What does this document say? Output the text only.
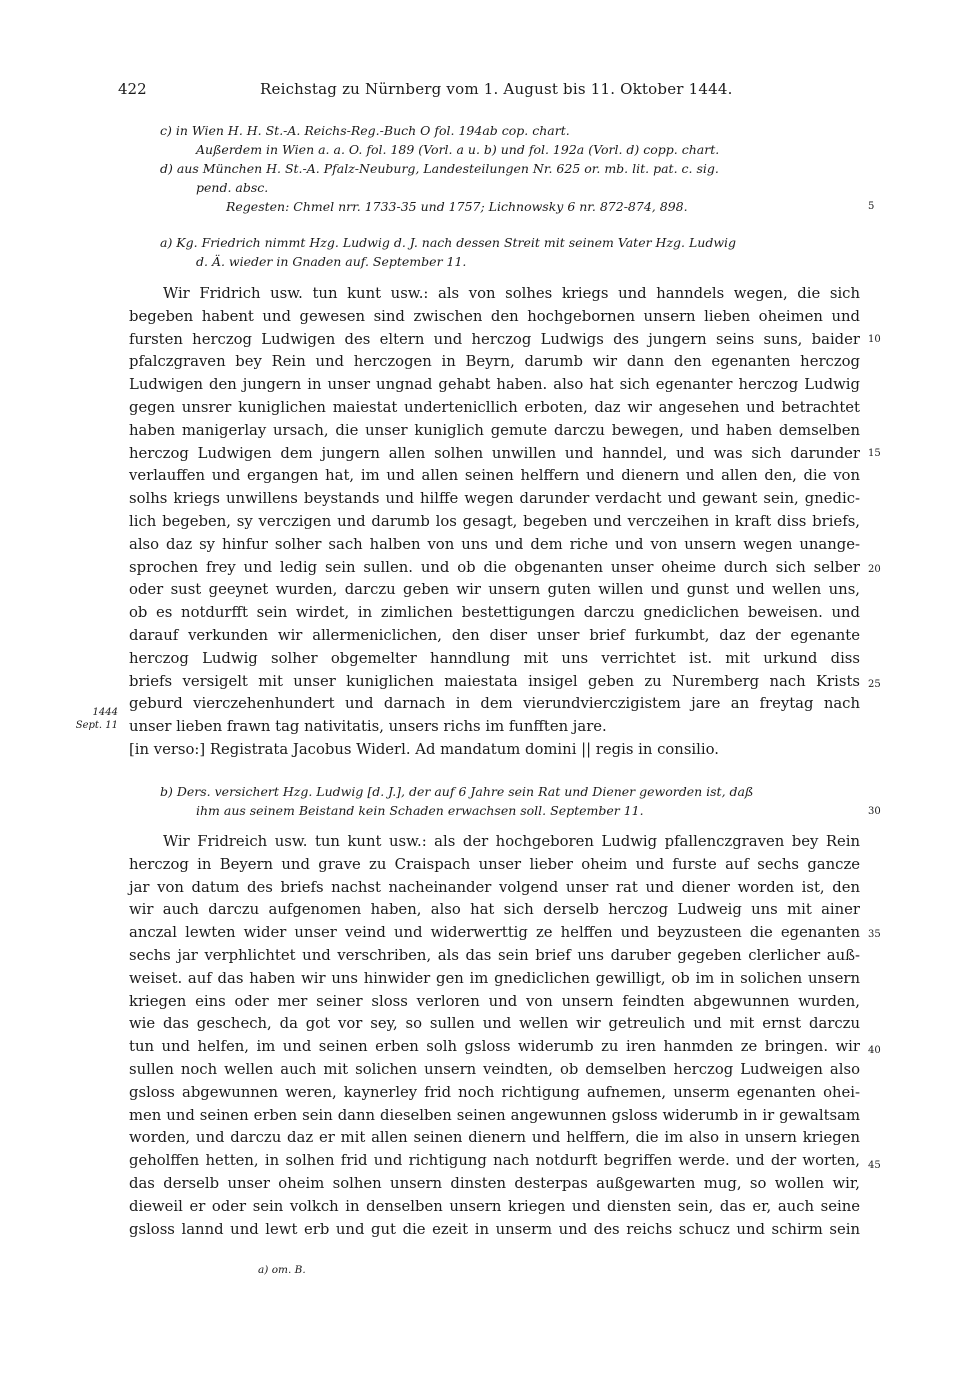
422	Reichstag zu Nürnberg vom 1. August bis 11. Oktober 1444.
c) in Wien H. H. St.-A. Reichs-Reg.-Buch O fol. 194ab cop. chart.
Außerdem in Wien a. a. O. fol. 189 (Vorl. a u. b) und fol. 192a (Vorl. d) copp. chart.
d) aus München H. St.-A. Pfalz-Neuburg, Landesteilungen Nr. 625 or. mb. lit. pat. c. sig.
pend. absc.
Regesten: Chmel nrr. 1733-35 und 1757; Lichnowsky 6 nr. 872-874, 898.
a) Kg. Friedrich nimmt Hzg. Ludwig d. J. nach dessen Streit mit seinem Vater Hzg. Ludwig
d. Ä. wieder in Gnaden auf. September 11.
Wir Fridrich usw. tun kunt usw.: als von solhes kriegs und hanndels wegen, die sich
begeben habent und gewesen sind zwischen den hochgebornen unsern lieben oheimen und
fursten herczog Ludwigen des eltern und herczog Ludwigs des jungern seins suns, baider
pfalczgraven bey Rein und herczogen in Beyrn, darumb wir dann den egenanten herczog
Ludwigen den jungern in unser ungnad gehabt haben. also hat sich egenanter herczog Ludwig
gegen unsrer kuniglichen maiestat undertenicllich erboten, daz wir angesehen und betrachtet
haben manigerlay ursach, die unser kuniglich gemute darczu bewegen, und haben demselben
herczog Ludwigen dem jungern allen solhen unwillen und hanndel, und was sich darunder
verlauffen und ergangen hat, im und allen seinen helffern und dienern und allen den, die von
solhs kriegs unwillens beystands und hilffe wegen darunder verdacht und gewant sein, gnedic-
lich begeben, sy verczigen und darumb los gesagt, begeben und verczeihen in kraft diss briefs,
also daz sy hinfur solher sach halben von uns und dem riche und von unsern wegen unange-
sprochen frey und ledig sein sullen. und ob die obgenanten unser oheime durch sich selber
oder sust geeynet wurden, darczu geben wir unsern guten willen und gunst und wellen uns,
ob es notdurfft sein wirdet, in zimlichen bestettigungen darczu gnediclichen beweisen. und
darauf verkunden wir allermeniclichen, den diser unser brief furkumbt, daz der egenante
herczog Ludwig solher obgemelter hanndlung mit uns verrichtet ist. mit urkund diss
briefs versigelt mit unser kuniglichen maiestata insigel geben zu Nuremberg nach Krists
geburd vierczehenhundert und darnach in dem vierundvierczigistem jare an freytag nach
unser lieben frawn tag nativitatis, unsers richs im funfften jare.
[in verso:] Registrata Jacobus Widerl. Ad mandatum domini || regis in consilio.
1444
Sept. 11
b) Ders. versichert Hzg. Ludwig [d. J.], der auf 6 Jahre sein Rat und Diener geworden ist, daß
ihm aus seinem Beistand kein Schaden erwachsen soll. September 11.
Wir Fridreich usw. tun kunt usw.: als der hochgeboren Ludwig pfallenczgraven bey Rein
herczog in Beyern und grave zu Craispach unser lieber oheim und furste auf sechs gancze
jar von datum des briefs nachst nacheinander volgend unser rat und diener worden ist, den
wir auch darczu aufgenomen haben, also hat sich derselb herczog Ludweig uns mit ainer
anczal lewten wider unser veind und widerwerttig ze helffen und beyzusteen die egenanten
sechs jar verphlichtet und verschriben, als das sein brief uns daruber gegeben clerlicher auß-
weiset. auf das haben wir uns hinwider gen im gnediclichen gewilligt, ob im in solichen unsern
kriegen eins oder mer seiner sloss verloren und von unsern feindten abgewunnen wurden,
wie das geschech, da got vor sey, so sullen und wellen wir getreulich und mit ernst darczu
tun und helfen, im und seinen erben solh gsloss widerumb zu iren hanmden ze bringen. wir
sullen noch wellen auch mit solichen unsern veindten, ob demselben herczog Ludweigen also
gsloss abgewunnen weren, kaynerley frid noch richtigung aufnemen, unserm egenanten ohei-
men und seinen erben sein dann dieselben seinen angewunnen gsloss widerumb in ir gewaltsam
worden, und darczu daz er mit allen seinen dienern und helffern, die im also in unsern kriegen
geholffen hetten, in solhen frid und richtigung nach notdurft begriffen werde. und der worten,
das derselb unser oheim solhen unsern dinsten desterpas außgewarten mug, so wollen wir,
dieweil er oder sein volkch in denselben unsern kriegen und diensten sein, das er, auch seine
gsloss lannd und lewt erb und gut die ezeit in unserm und des reichs schucz und schirm sein
5
10
15
20
25
30
35
40
45
a) om. B.
